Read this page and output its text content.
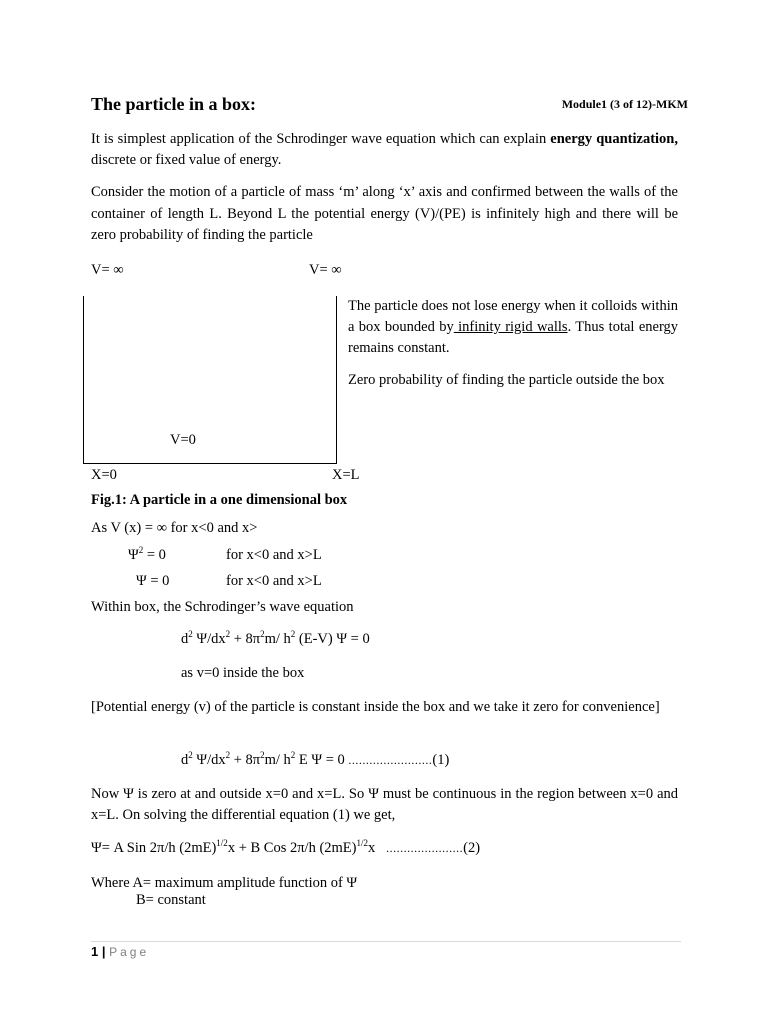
The particle in a box:	Module1 (3 of 12)-MKM
It is simplest application of the Schrodinger wave equation which can explain energy quantization, discrete or fixed value of energy.
Consider the motion of a particle of mass ‘m’ along ‘x’ axis and confirmed between the walls of the container of length L. Beyond L the potential energy (V)/(PE) is infinitely high and there will be zero probability of finding the particle
V= ∞	V= ∞
V=0
X=0	X=L
The particle does not lose energy when it colloids within a box bounded by infinity rigid walls. Thus total energy remains constant.
Zero probability of finding the particle outside the box
Fig.1: A particle in a one dimensional box
As V (x) = ∞ for x<0 and x>
$\Psi^2 = 0$	for x<0 and x>L
Ψ = 0	for x<0 and x>L
Within box, the Schrodinger’s wave equation
$d^2$ $\Psi/dx^2 + 8\pi^2m/$ $h^2$ (E-V) Ψ = 0
as v=0 inside the box
[Potential energy (v) of the particle is constant inside the box and we take it zero for convenience]
$d^2$ $\Psi/dx^2 + 8\pi^2m/$ $h^2$ E Ψ = 0 ........................(1)
Now Ψ is zero at and outside x=0 and x=L. So Ψ must be continuous in the region between x=0 and x=L. On solving the differential equation (1) we get,
Ψ= A Sin 2π/h $(2mE)^{1/2}x + B$ Cos 2π/h $(2mE)^{1/2}x$   ......................(2)
Where A= maximum amplitude function of Ψ
B= constant
1 | Page
